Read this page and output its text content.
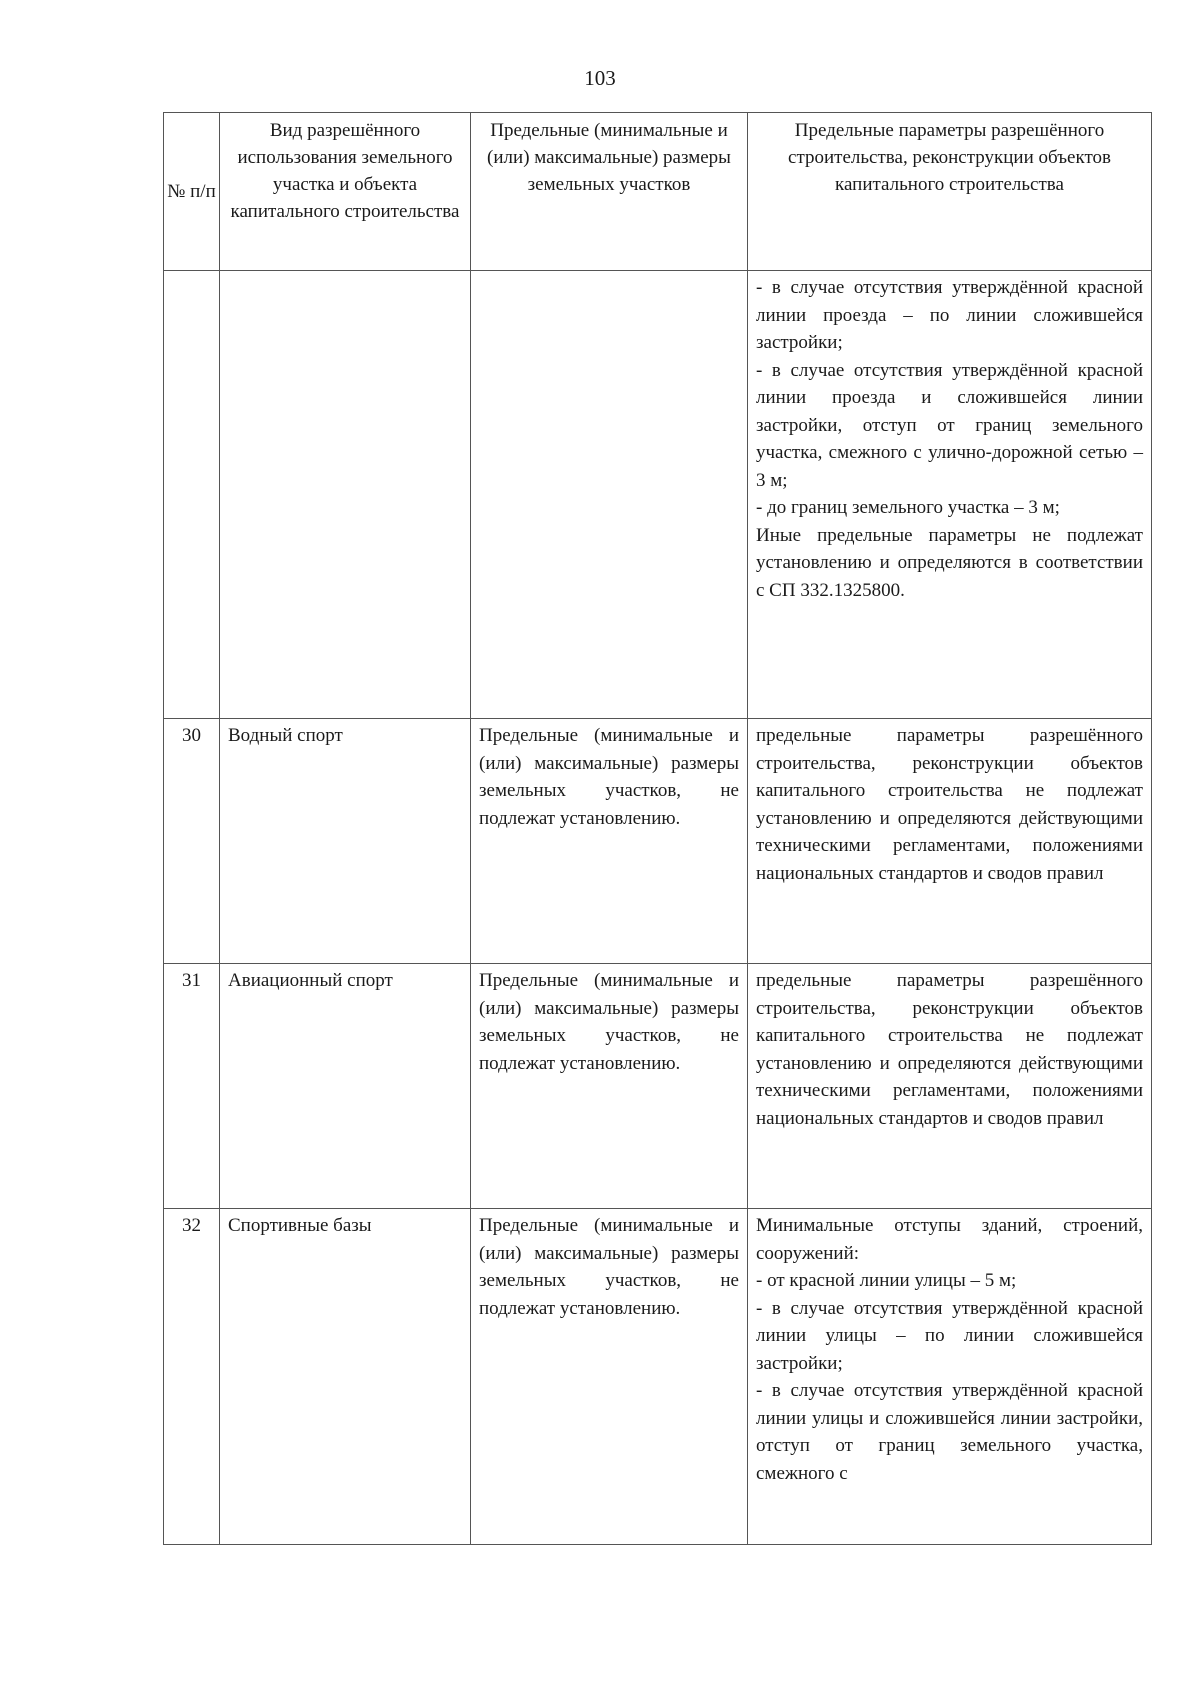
103
№ п/п	Вид разрешённого использования земельного участка и объекта капитального строительства	Предельные (минимальные и (или) максимальные) размеры земельных участков	Предельные параметры разрешённого строительства, реконструкции объектов капитального строительства

			- в случае отсутствия утверждённой красной линии проезда – по линии сложившейся застройки;
- в случае отсутствия утверждённой красной линии проезда и сложившейся линии застройки, отступ от границ земельного участка, смежного с улично-дорожной сетью – 3 м;
- до границ земельного участка – 3 м;
Иные предельные параметры не подлежат установлению и определяются в соответствии с СП 332.1325800.

30	Водный спорт	Предельные (минимальные и (или) максимальные) размеры земельных участков, не подлежат установлению.	предельные параметры разрешённого строительства, реконструкции объектов капитального строительства не подлежат установлению и определяются действующими техническими регламентами, положениями национальных стандартов и сводов правил

31	Авиационный спорт	Предельные (минимальные и (или) максимальные) размеры земельных участков, не подлежат установлению.	предельные параметры разрешённого строительства, реконструкции объектов капитального строительства не подлежат установлению и определяются действующими техническими регламентами, положениями национальных стандартов и сводов правил

32	Спортивные базы	Предельные (минимальные и (или) максимальные) размеры земельных участков, не подлежат установлению.	Минимальные отступы зданий, строений, сооружений:
- от красной линии улицы – 5 м;
- в случае отсутствия утверждённой красной линии улицы – по линии сложившейся застройки;
- в случае отсутствия утверждённой красной линии улицы и сложившейся линии застройки, отступ от границ земельного участка, смежного с
